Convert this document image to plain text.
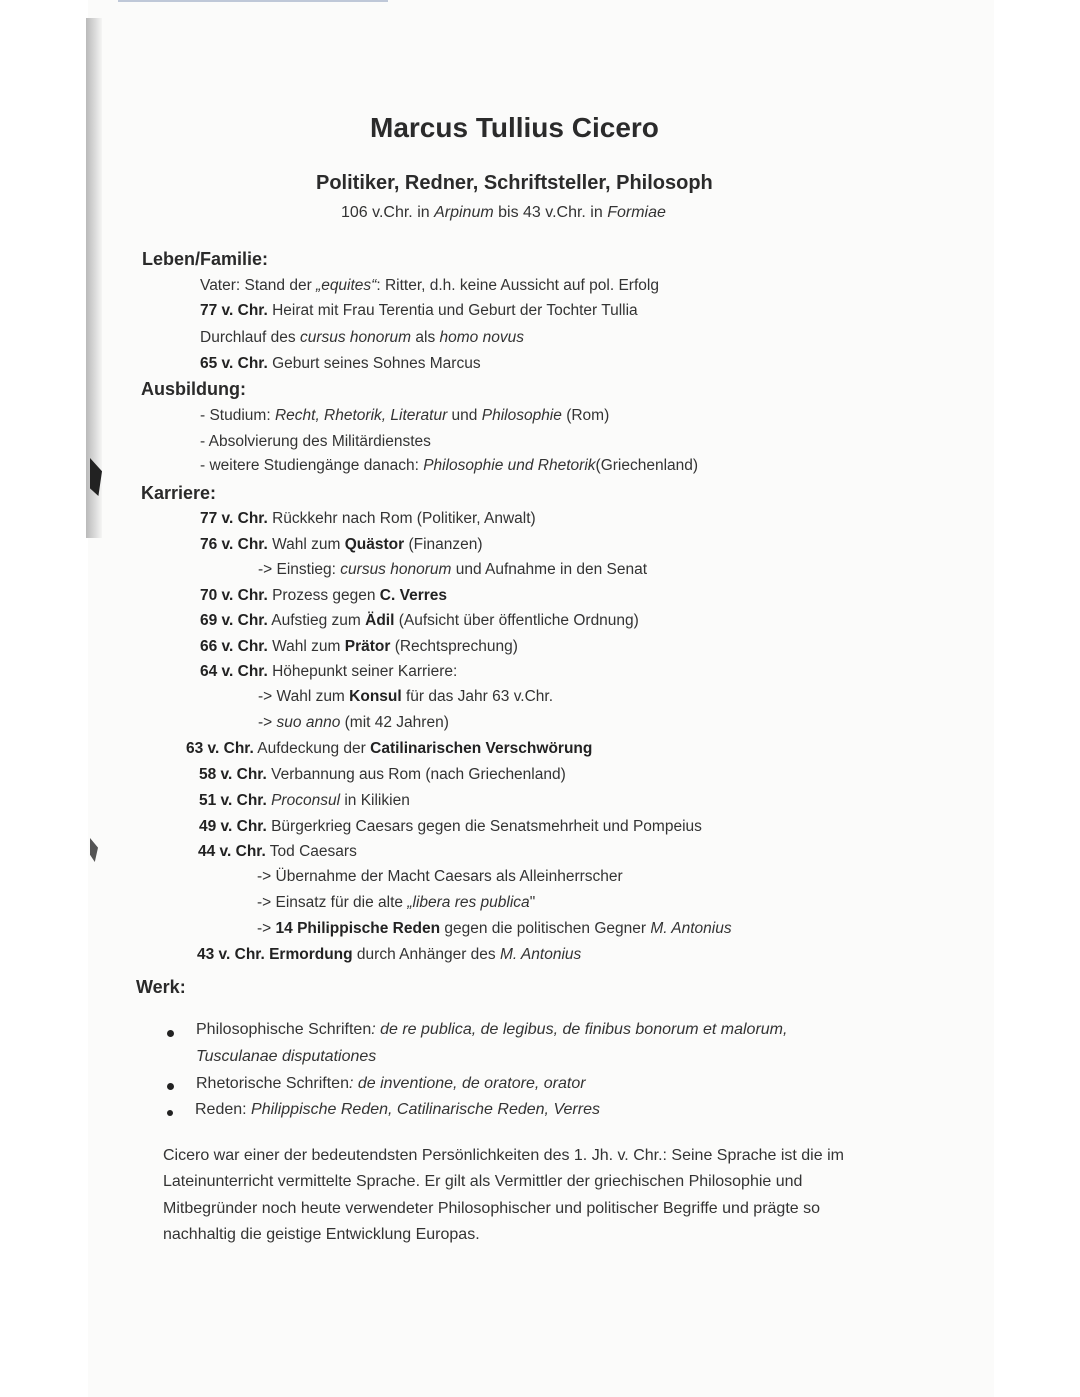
Marcus Tullius Cicero
Politiker, Redner, Schriftsteller, Philosoph
106 v.Chr. in Arpinum bis 43 v.Chr. in Formiae
Leben/Familie:
Vater: Stand der „equites“: Ritter, d.h. keine Aussicht auf pol. Erfolg
77 v. Chr. Heirat mit Frau Terentia und Geburt der Tochter Tullia
Durchlauf des cursus honorum als homo novus
65 v. Chr. Geburt seines Sohnes Marcus
Ausbildung:
- Studium: Recht, Rhetorik, Literatur und Philosophie (Rom)
- Absolvierung des Militärdienstes
- weitere Studiengänge danach: Philosophie und Rhetorik(Griechenland)
Karriere:
77 v. Chr. Rückkehr nach Rom (Politiker, Anwalt)
76 v. Chr. Wahl zum Quästor (Finanzen)
-> Einstieg: cursus honorum und Aufnahme in den Senat
70 v. Chr. Prozess gegen C. Verres
69 v. Chr. Aufstieg zum Ädil (Aufsicht über öffentliche Ordnung)
66 v. Chr. Wahl zum Prätor (Rechtsprechung)
64 v. Chr. Höhepunkt seiner Karriere:
-> Wahl zum Konsul für das Jahr 63 v.Chr.
-> suo anno (mit 42 Jahren)
63 v. Chr. Aufdeckung der Catilinarischen Verschwörung
58 v. Chr. Verbannung aus Rom (nach Griechenland)
51 v. Chr. Proconsul in Kilikien
49 v. Chr. Bürgerkrieg Caesars gegen die Senatsmehrheit und Pompeius
44 v. Chr. Tod Caesars
-> Übernahme der Macht Caesars als Alleinherrscher
-> Einsatz für die alte „libera res publica"
-> 14 Philippische Reden gegen die politischen Gegner M. Antonius
43 v. Chr. Ermordung durch Anhänger des M. Antonius
Werk:
Philosophische Schriften: de re publica, de legibus, de finibus bonorum et malorum,
Tusculanae disputationes
Rhetorische Schriften: de inventione, de oratore, orator
Reden: Philippische Reden, Catilinarische Reden, Verres
Cicero war einer der bedeutendsten Persönlichkeiten des 1. Jh. v. Chr.: Seine Sprache ist die im
Lateinunterricht vermittelte Sprache. Er gilt als Vermittler der griechischen Philosophie und
Mitbegründer noch heute verwendeter Philosophischer und politischer Begriffe und prägte so
nachhaltig die geistige Entwicklung Europas.
